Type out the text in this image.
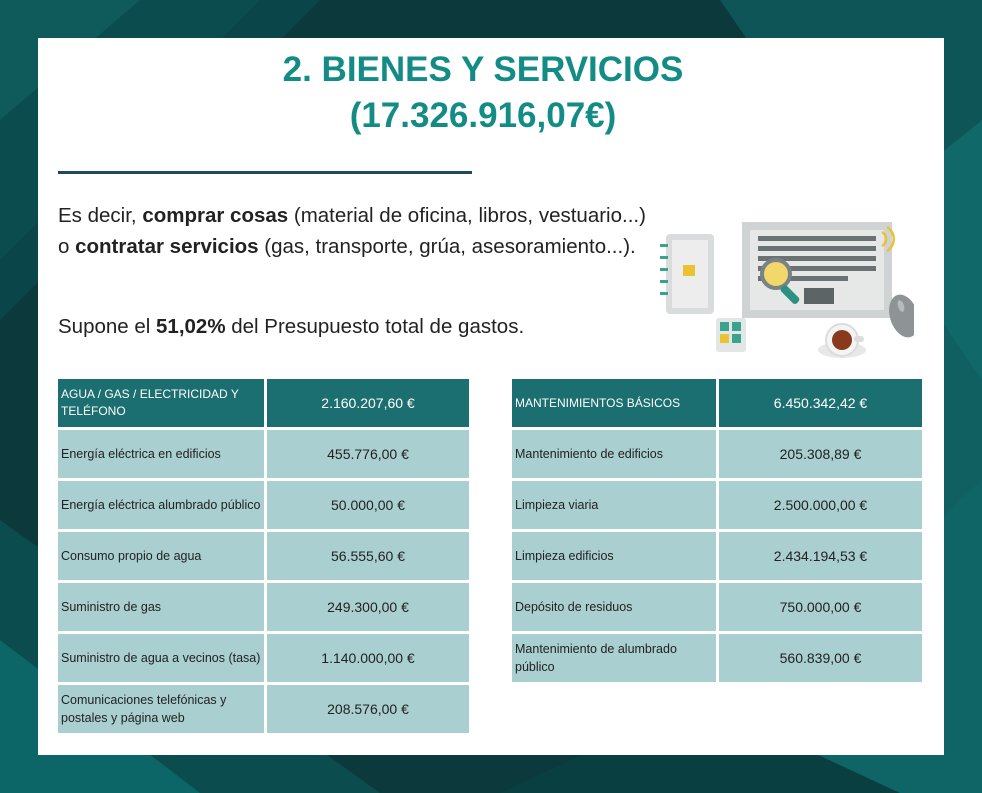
2. BIENES Y SERVICIOS
(17.326.916,07€)

Es decir, comprar cosas (material de oficina, libros, vestuario...) o contratar servicios (gas, transporte, grúa, asesoramiento...).

Supone el 51,02% del Presupuesto total de gastos.

AGUA / GAS / ELECTRICIDAD Y TELÉFONO	2.160.207,60 €
Energía eléctrica en edificios	455.776,00 €
Energía eléctrica alumbrado público	50.000,00 €
Consumo propio de agua	56.555,60 €
Suministro de gas	249.300,00 €
Suministro de agua a vecinos (tasa)	1.140.000,00 €
Comunicaciones telefónicas y postales y página web	208.576,00 €
MANTENIMIENTOS BÁSICOS	6.450.342,42 €
Mantenimiento de edificios	205.308,89 €
Limpieza viaria	2.500.000,00 €
Limpieza edificios	2.434.194,53 €
Depósito de residuos	750.000,00 €
Mantenimiento de alumbrado público	560.839,00 €
